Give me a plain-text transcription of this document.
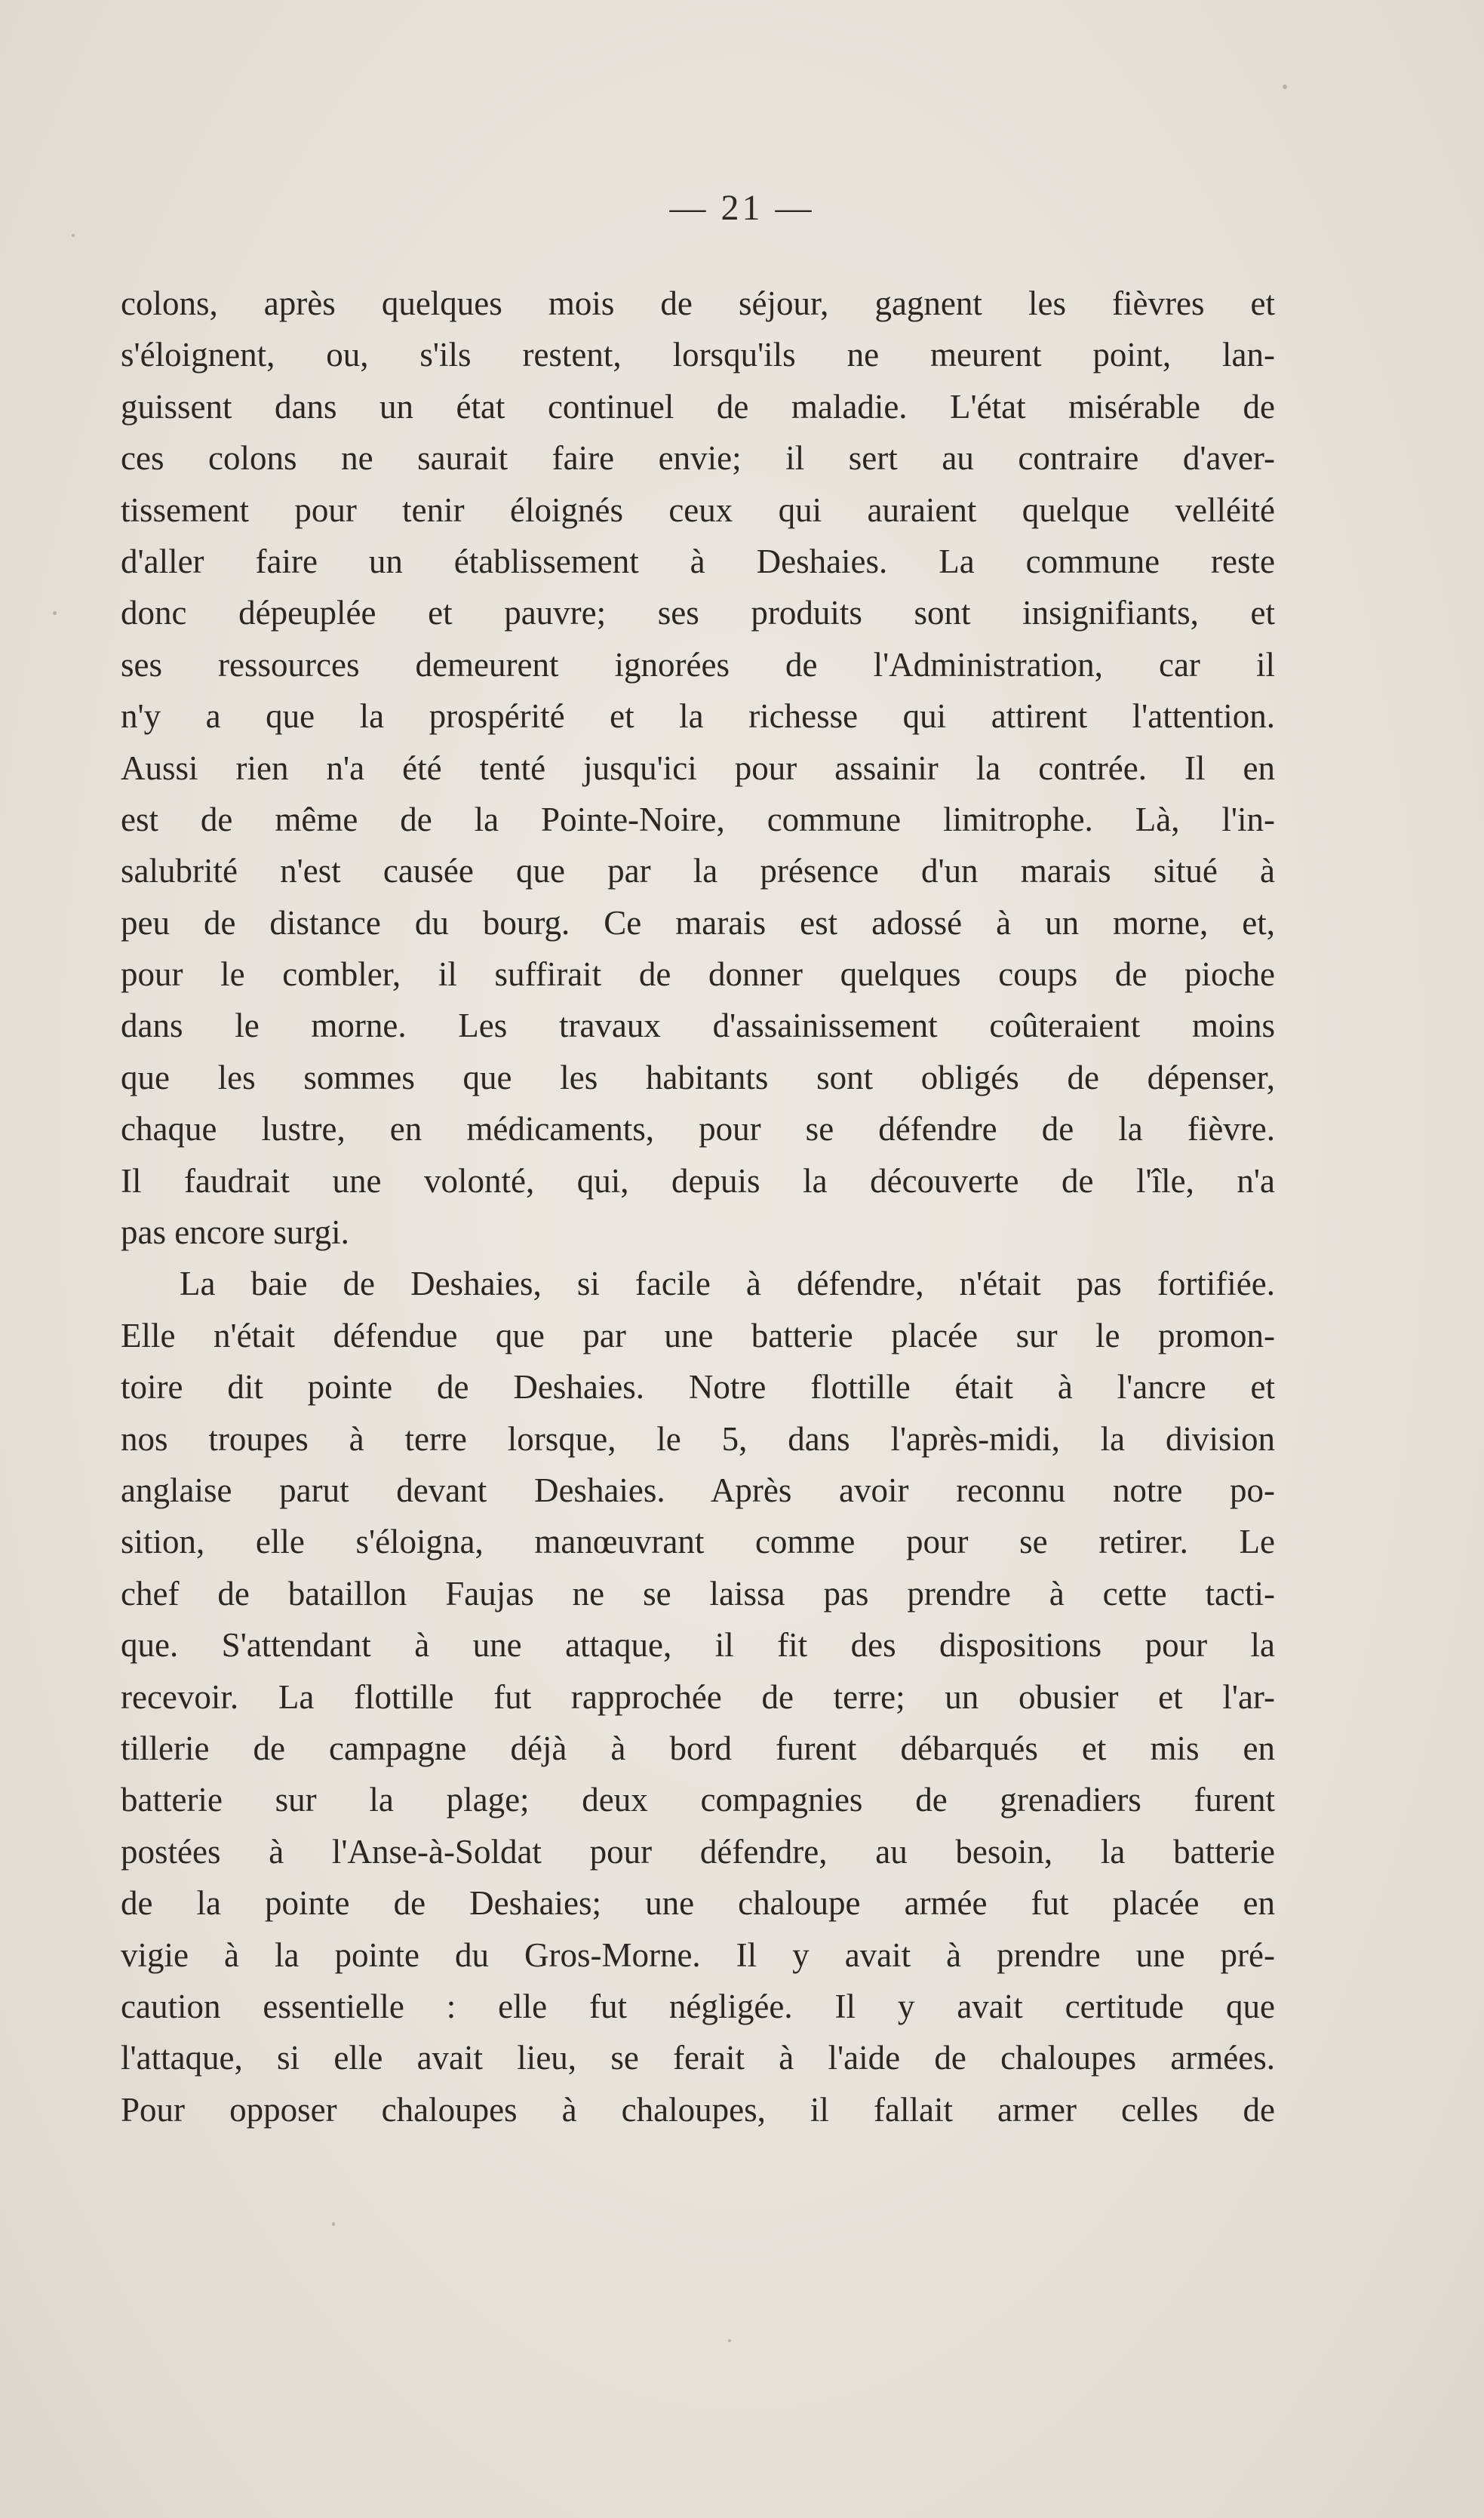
— 21 —
colons, après quelques mois de séjour, gagnent les fièvres et
s'éloignent, ou, s'ils restent, lorsqu'ils ne meurent point, lan-
guissent dans un état continuel de maladie. L'état misérable de
ces colons ne saurait faire envie; il sert au contraire d'aver-
tissement pour tenir éloignés ceux qui auraient quelque velléité
d'aller faire un établissement à Deshaies. La commune reste
donc dépeuplée et pauvre; ses produits sont insignifiants, et
ses ressources demeurent ignorées de l'Administration, car il
n'y a que la prospérité et la richesse qui attirent l'attention.
Aussi rien n'a été tenté jusqu'ici pour assainir la contrée. Il en
est de même de la Pointe-Noire, commune limitrophe. Là, l'in-
salubrité n'est causée que par la présence d'un marais situé à
peu de distance du bourg. Ce marais est adossé à un morne, et,
pour le combler, il suffirait de donner quelques coups de pioche
dans le morne. Les travaux d'assainissement coûteraient moins
que les sommes que les habitants sont obligés de dépenser,
chaque lustre, en médicaments, pour se défendre de la fièvre.
Il faudrait une volonté, qui, depuis la découverte de l'île, n'a
pas encore surgi.
La baie de Deshaies, si facile à défendre, n'était pas fortifiée.
Elle n'était défendue que par une batterie placée sur le promon-
toire dit pointe de Deshaies. Notre flottille était à l'ancre et
nos troupes à terre lorsque, le 5, dans l'après-midi, la division
anglaise parut devant Deshaies. Après avoir reconnu notre po-
sition, elle s'éloigna, manœuvrant comme pour se retirer. Le
chef de bataillon Faujas ne se laissa pas prendre à cette tacti-
que. S'attendant à une attaque, il fit des dispositions pour la
recevoir. La flottille fut rapprochée de terre; un obusier et l'ar-
tillerie de campagne déjà à bord furent débarqués et mis en
batterie sur la plage; deux compagnies de grenadiers furent
postées à l'Anse-à-Soldat pour défendre, au besoin, la batterie
de la pointe de Deshaies; une chaloupe armée fut placée en
vigie à la pointe du Gros-Morne. Il y avait à prendre une pré-
caution essentielle : elle fut négligée. Il y avait certitude que
l'attaque, si elle avait lieu, se ferait à l'aide de chaloupes armées.
Pour opposer chaloupes à chaloupes, il fallait armer celles de
